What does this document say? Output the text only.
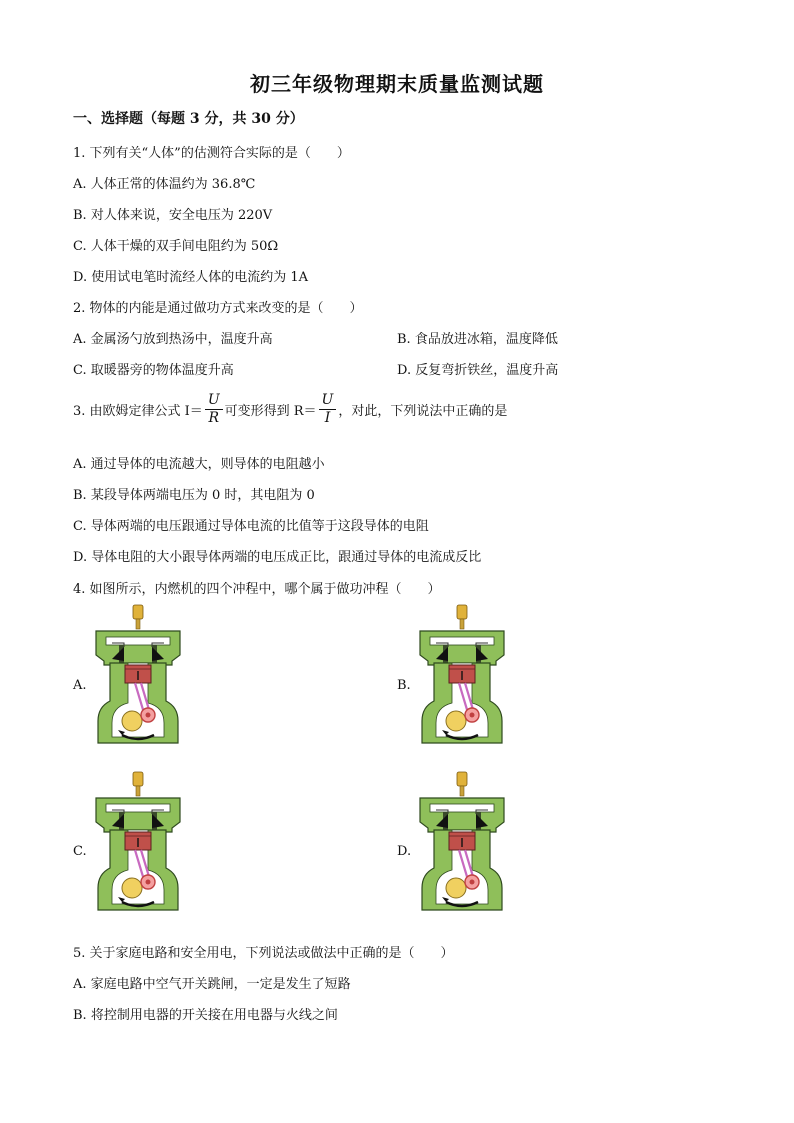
初三年级物理期末质量监测试题
一、选择题（每题 3 分，共 30 分）
1. 下列有关“人体”的估测符合实际的是（　　）
A. 人体正常的体温约为 36.8℃
B. 对人体来说，安全电压为 220V
C. 人体干燥的双手间电阻约为 50Ω
D. 使用试电笔时流经人体的电流约为 1A
2. 物体的内能是通过做功方式来改变的是（　　）
A. 金属汤勺放到热汤中，温度升高	B. 食品放进冰箱，温度降低
C. 取暖器旁的物体温度升高	D. 反复弯折铁丝，温度升高
3. 由欧姆定律公式 $I= \frac{U}{R}$ 可变形得到 $R= \frac{U}{I}$ ，对此，下列说法中正确的是
A. 通过导体的电流越大，则导体的电阻越小
B. 某段导体两端电压为 0 时，其电阻为 0
C. 导体两端的电压跟通过导体电流的比值等于这段导体的电阻
D. 导体电阻的大小跟导体两端的电压成正比，跟通过导体的电流成反比
4. 如图所示，内燃机的四个冲程中，哪个属于做功冲程（　　）
A.	B.
C.	D.
5. 关于家庭电路和安全用电，下列说法或做法中正确的是（　　）
A. 家庭电路中空气开关跳闸，一定是发生了短路
B. 将控制用电器的开关接在用电器与火线之间
